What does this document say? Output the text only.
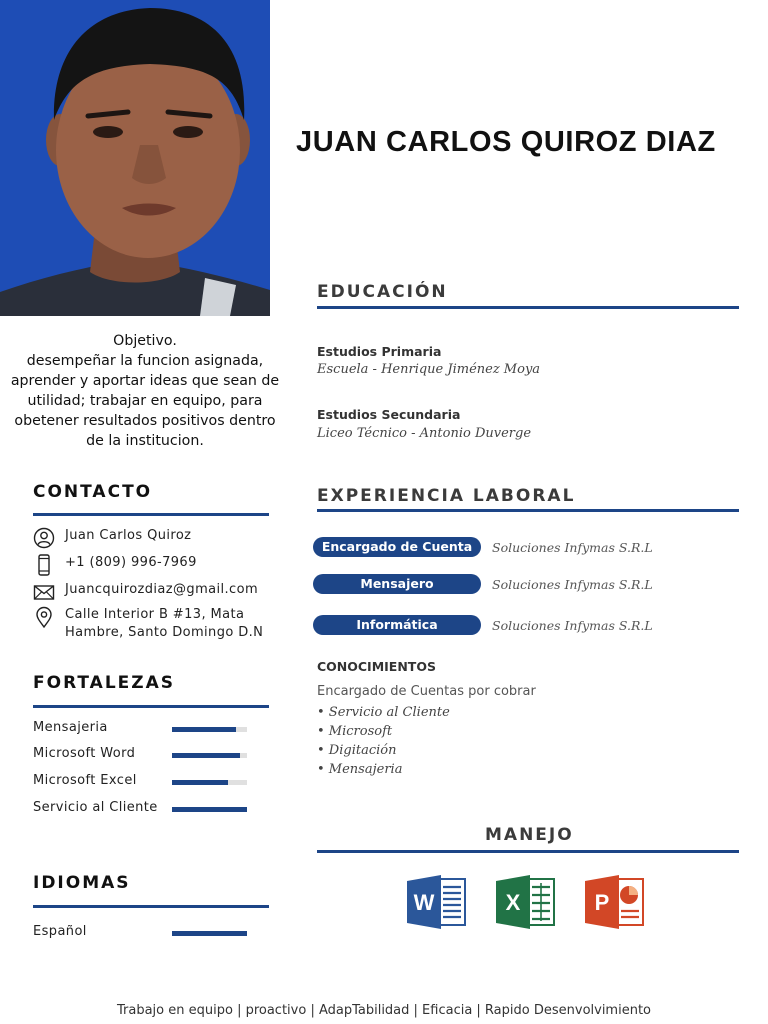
JUAN CARLOS QUIROZ DIAZ
Objetivo.
desempeñar la funcion asignada, aprender y aportar ideas que sean de utilidad; trabajar en equipo, para obetener resultados positivos dentro de la institucion.
CONTACTO
Juan Carlos Quiroz
+1 (809) 996-7969
Juancquirozdiaz@gmail.com
Calle Interior B #13, Mata Hambre, Santo Domingo D.N
FORTALEZAS
Mensajeria
Microsoft Word
Microsoft Excel
Servicio al Cliente
IDIOMAS
Español
EDUCACIÓN
Estudios Primaria
Escuela - Henrique Jiménez Moya
Estudios Secundaria
Liceo Técnico - Antonio Duverge
EXPERIENCIA LABORAL
Encargado de Cuenta	Soluciones Infymas S.R.L
Mensajero	Soluciones Infymas S.R.L
Informática	Soluciones Infymas S.R.L
CONOCIMIENTOS
Encargado de Cuentas por cobrar
• Servicio al Cliente
• Microsoft
• Digitación
• Mensajeria
MANEJO
W	X	P
Trabajo en equipo | proactivo | AdapTabilidad | Eficacia | Rapido Desenvolvimiento
